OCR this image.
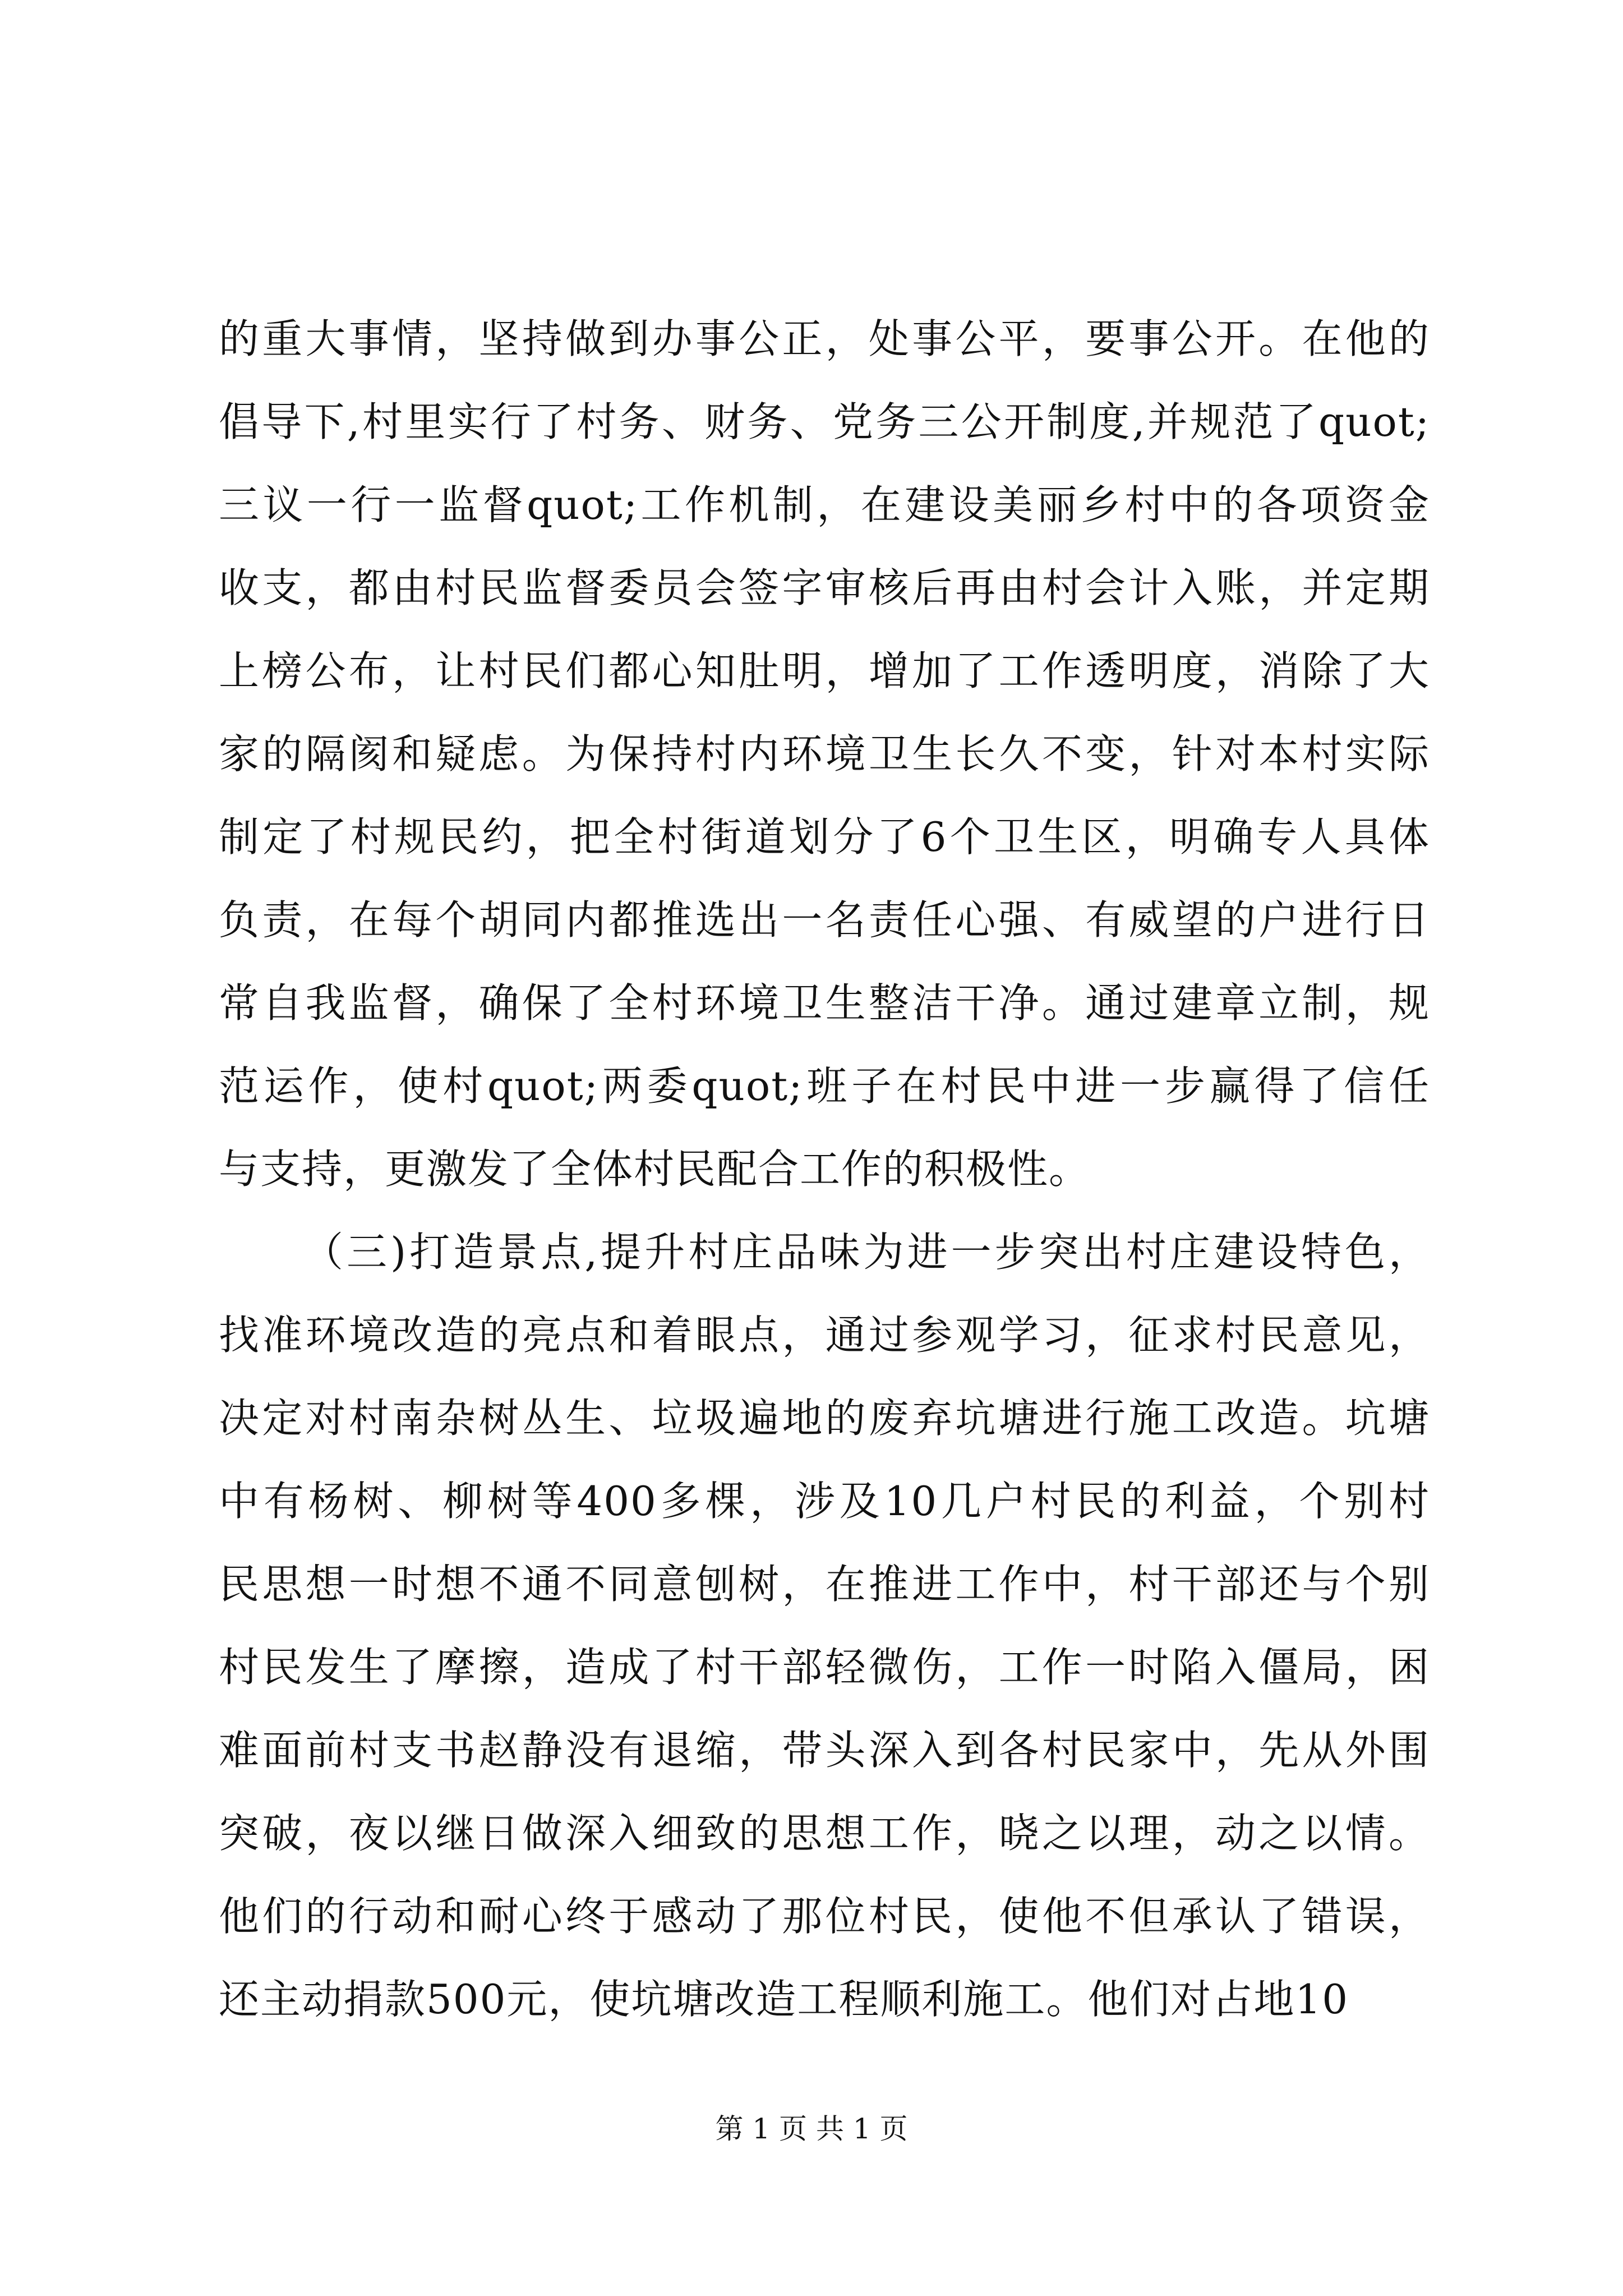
的重大事情，坚持做到办事公正，处事公平，要事公开。在他的
倡导下,村里实行了村务、财务、党务三公开制度,并规范了quot;
三议一行一监督quot;工作机制，在建设美丽乡村中的各项资金
收支，都由村民监督委员会签字审核后再由村会计入账，并定期
上榜公布，让村民们都心知肚明，增加了工作透明度，消除了大
家的隔阂和疑虑。为保持村内环境卫生长久不变，针对本村实际
制定了村规民约，把全村街道划分了6个卫生区，明确专人具体
负责，在每个胡同内都推选出一名责任心强、有威望的户进行日
常自我监督，确保了全村环境卫生整洁干净。通过建章立制，规
范运作，使村quot;两委quot;班子在村民中进一步赢得了信任
与支持，更激发了全体村民配合工作的积极性。
（三)打造景点,提升村庄品味为进一步突出村庄建设特色，
找准环境改造的亮点和着眼点，通过参观学习，征求村民意见，
决定对村南杂树丛生、垃圾遍地的废弃坑塘进行施工改造。坑塘
中有杨树、柳树等400多棵，涉及10几户村民的利益，个别村
民思想一时想不通不同意刨树，在推进工作中，村干部还与个别
村民发生了摩擦，造成了村干部轻微伤，工作一时陷入僵局，困
难面前村支书赵静没有退缩，带头深入到各村民家中，先从外围
突破，夜以继日做深入细致的思想工作，晓之以理，动之以情。
他们的行动和耐心终于感动了那位村民，使他不但承认了错误，
还主动捐款500元，使坑塘改造工程顺利施工。他们对占地10
第 1 页 共 1 页
